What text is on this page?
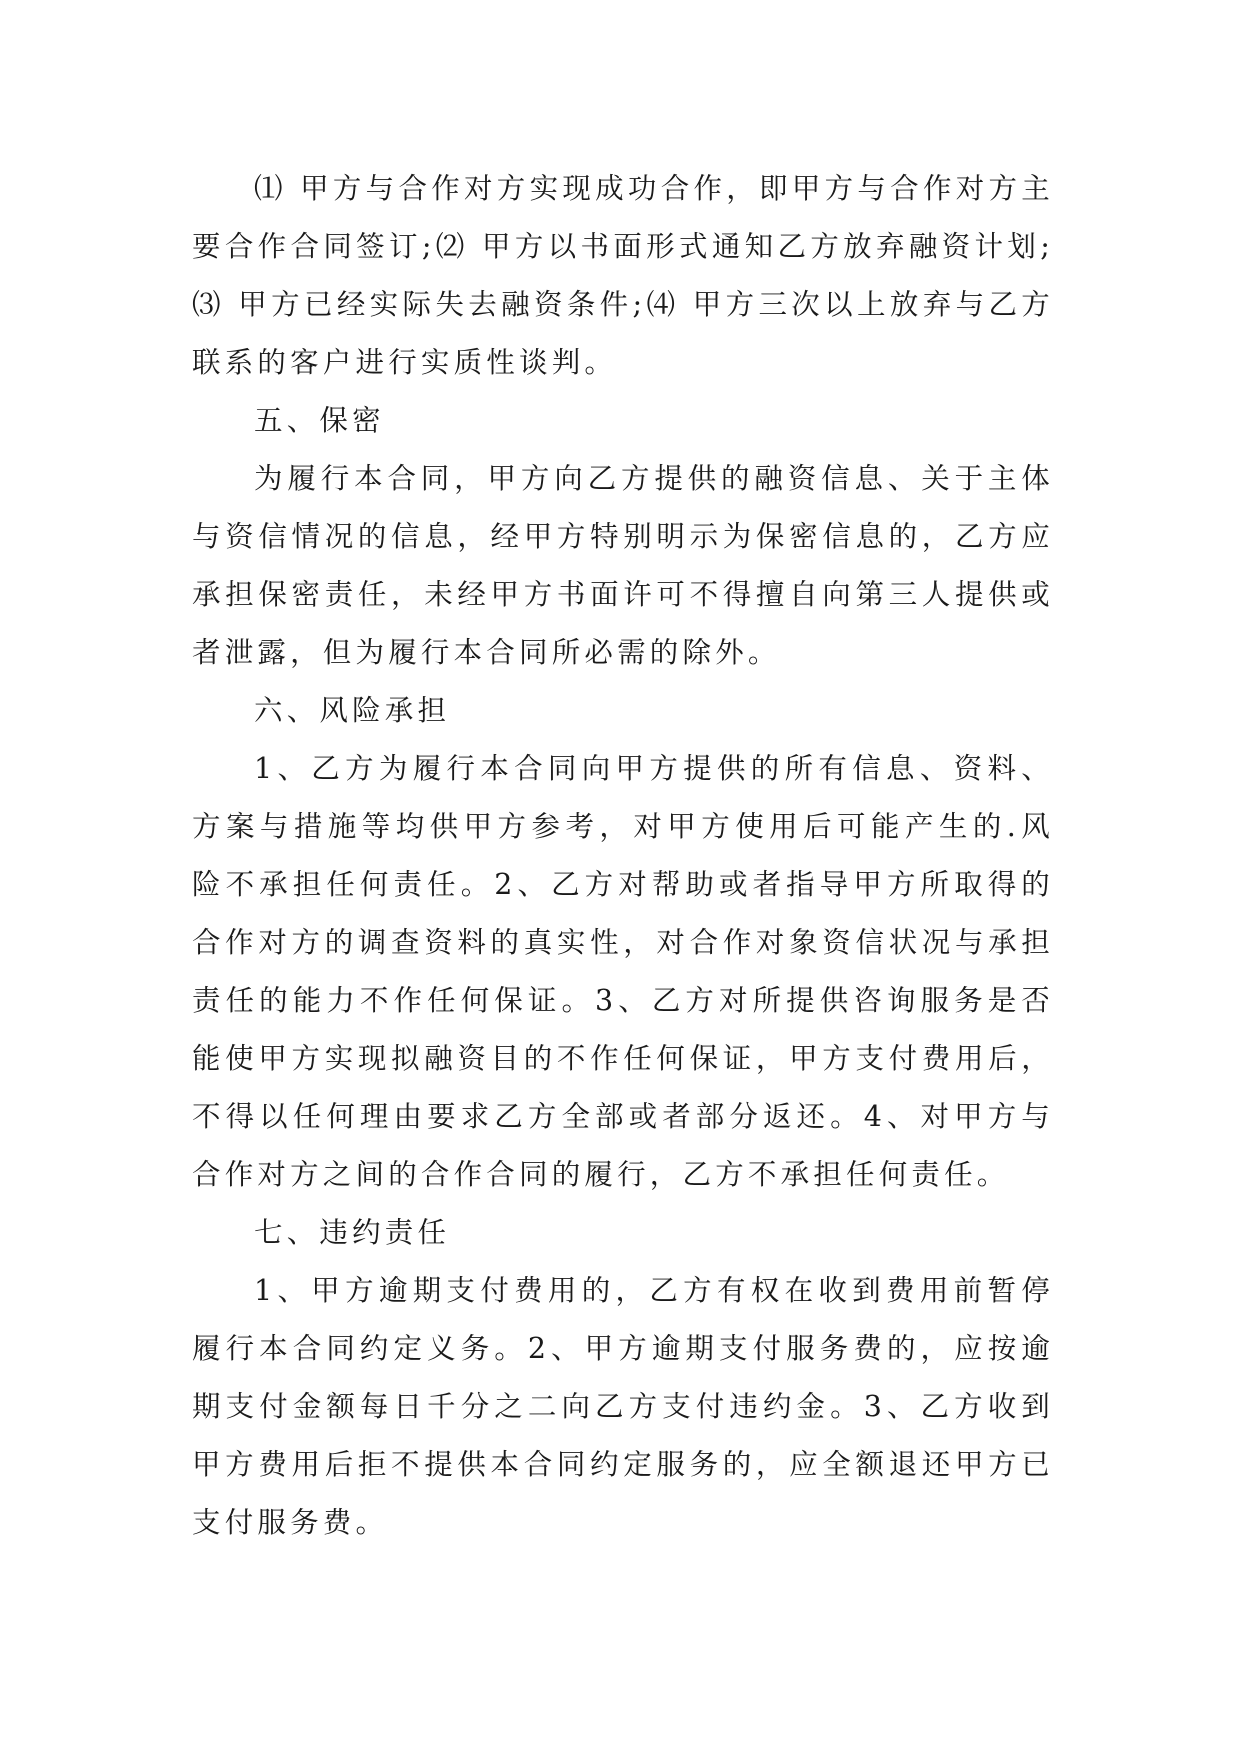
⑴ 甲方与合作对方实现成功合作，即甲方与合作对方主要合作合同签订;⑵ 甲方以书面形式通知乙方放弃融资计划;⑶ 甲方已经实际失去融资条件;⑷ 甲方三次以上放弃与乙方联系的客户进行实质性谈判。

五、保密

为履行本合同，甲方向乙方提供的融资信息、关于主体与资信情况的信息，经甲方特别明示为保密信息的，乙方应承担保密责任，未经甲方书面许可不得擅自向第三人提供或者泄露，但为履行本合同所必需的除外。

六、风险承担

1、乙方为履行本合同向甲方提供的所有信息、资料、方案与措施等均供甲方参考，对甲方使用后可能产生的.风险不承担任何责任。2、乙方对帮助或者指导甲方所取得的合作对方的调查资料的真实性，对合作对象资信状况与承担责任的能力不作任何保证。3、乙方对所提供咨询服务是否能使甲方实现拟融资目的不作任何保证，甲方支付费用后，不得以任何理由要求乙方全部或者部分返还。4、对甲方与合作对方之间的合作合同的履行，乙方不承担任何责任。

七、违约责任

1、甲方逾期支付费用的，乙方有权在收到费用前暂停履行本合同约定义务。2、甲方逾期支付服务费的，应按逾期支付金额每日千分之二向乙方支付违约金。3、乙方收到甲方费用后拒不提供本合同约定服务的，应全额退还甲方已支付服务费。
